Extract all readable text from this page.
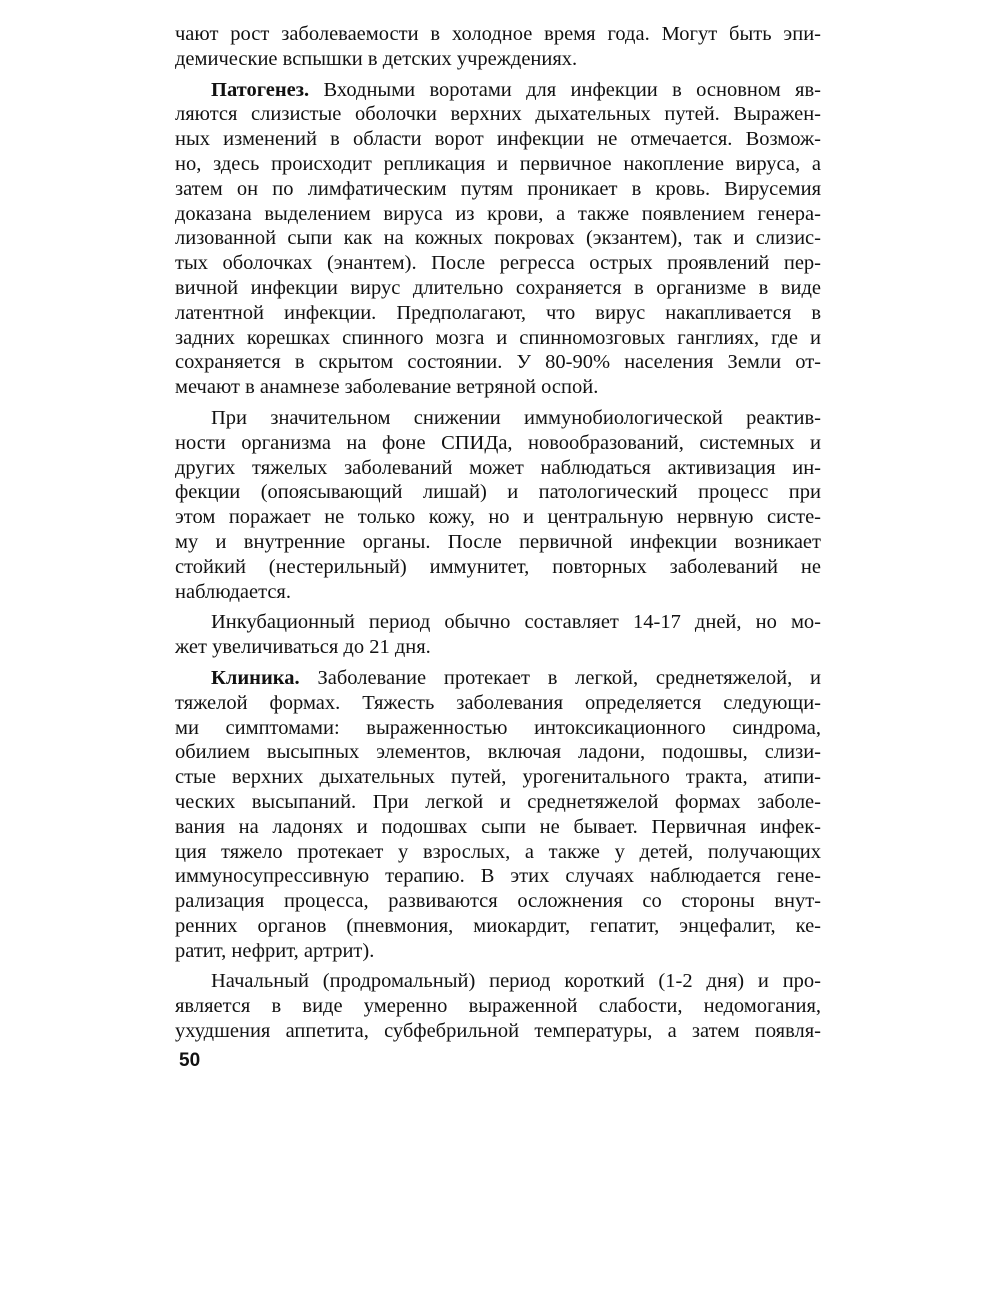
чают рост заболеваемости в холодное время года. Могут быть эпи-
демические вспышки в детских учреждениях.
Патогенез. Входными воротами для инфекции в основном яв-
ляются слизистые оболочки верхних дыхательных путей. Выражен-
ных изменений в области ворот инфекции не отмечается. Возмож-
но, здесь происходит репликация и первичное накопление вируса, а
затем он по лимфатическим путям проникает в кровь. Вирусемия
доказана выделением вируса из крови, а также появлением генера-
лизованной сыпи как на кожных покровах (экзантем), так и слизис-
тых оболочках (энантем). После регресса острых проявлений пер-
вичной инфекции вирус длительно сохраняется в организме в виде
латентной инфекции. Предполагают, что вирус накапливается в
задних корешках спинного мозга и спинномозговых ганглиях, где и
сохраняется в скрытом состоянии. У 80-90% населения Земли от-
мечают в анамнезе заболевание ветряной оспой.
При значительном снижении иммунобиологической реактив-
ности организма на фоне СПИДа, новообразований, системных и
других тяжелых заболеваний может наблюдаться активизация ин-
фекции (опоясывающий лишай) и патологический процесс при
этом поражает не только кожу, но и центральную нервную систе-
му и внутренние органы. После первичной инфекции возникает
стойкий (нестерильный) иммунитет, повторных заболеваний не
наблюдается.
Инкубационный период обычно составляет 14-17 дней, но мо-
жет увеличиваться до 21 дня.
Клиника. Заболевание протекает в легкой, среднетяжелой, и
тяжелой формах. Тяжесть заболевания определяется следующи-
ми симптомами: выраженностью интоксикационного синдрома,
обилием высыпных элементов, включая ладони, подошвы, слизи-
стые верхних дыхательных путей, урогенитального тракта, атипи-
ческих высыпаний. При легкой и среднетяжелой формах заболе-
вания на ладонях и подошвах сыпи не бывает. Первичная инфек-
ция тяжело протекает у взрослых, а также у детей, получающих
иммуносупрессивную терапию. В этих случаях наблюдается гене-
рализация процесса, развиваются осложнения со стороны внут-
ренних органов (пневмония, миокардит, гепатит, энцефалит, ке-
ратит, нефрит, артрит).
Начальный (продромальный) период короткий (1-2 дня) и про-
является в виде умеренно выраженной слабости, недомогания,
ухудшения аппетита, субфебрильной температуры, а затем появля-
50
